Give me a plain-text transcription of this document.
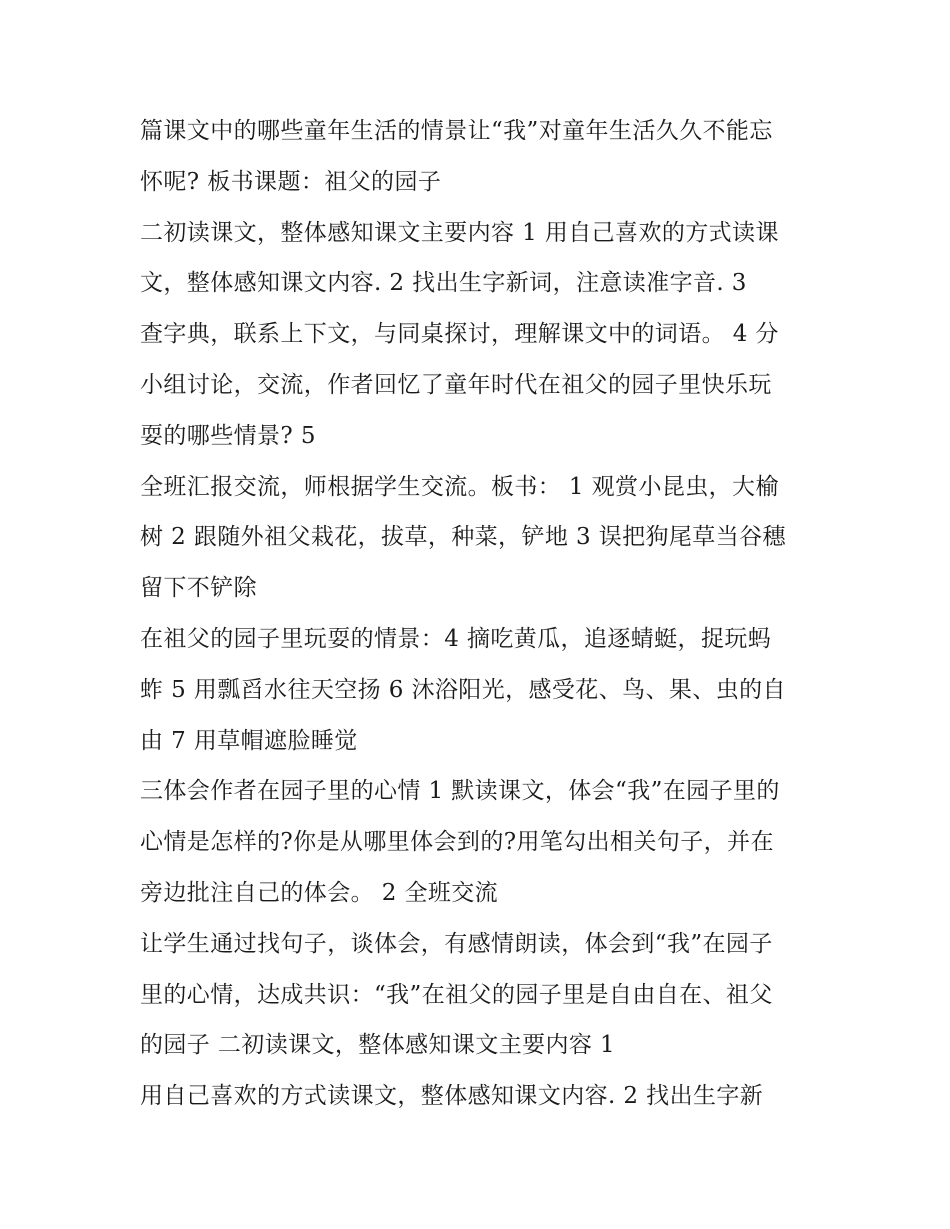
篇课文中的哪些童年生活的情景让“我”对童年生活久久不能忘
怀呢? 板书课题：祖父的园子
二初读课文，整体感知课文主要内容 1 用自己喜欢的方式读课
文，整体感知课文内容. 2 找出生字新词，注意读准字音. 3
查字典，联系上下文，与同桌探讨，理解课文中的词语。 4 分
小组讨论，交流，作者回忆了童年时代在祖父的园子里快乐玩
耍的哪些情景? 5
全班汇报交流，师根据学生交流。板书： 1 观赏小昆虫，大榆
树 2 跟随外祖父栽花，拔草，种菜，铲地 3 误把狗尾草当谷穗
留下不铲除
在祖父的园子里玩耍的情景：4 摘吃黄瓜，追逐蜻蜓，捉玩蚂
蚱 5 用瓢舀水往天空扬 6 沐浴阳光，感受花、鸟、果、虫的自
由 7 用草帽遮脸睡觉
三体会作者在园子里的心情 1 默读课文，体会“我”在园子里的
心情是怎样的?你是从哪里体会到的?用笔勾出相关句子，并在
旁边批注自己的体会。 2 全班交流
让学生通过找句子，谈体会，有感情朗读，体会到“我”在园子
里的心情，达成共识：“我”在祖父的园子里是自由自在、祖父
的园子 二初读课文，整体感知课文主要内容 1
用自己喜欢的方式读课文，整体感知课文内容. 2 找出生字新
